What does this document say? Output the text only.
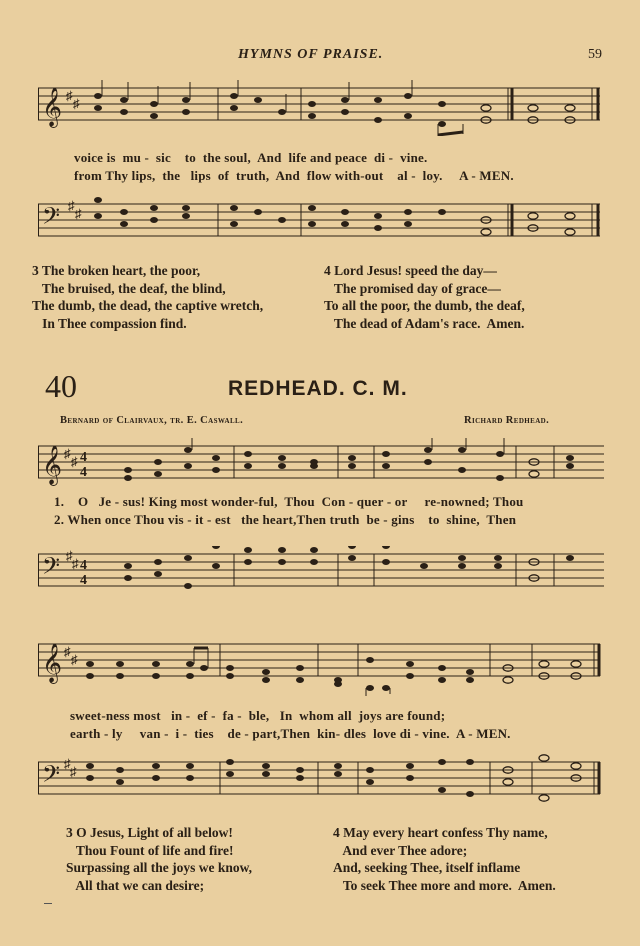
HYMNS OF PRAISE.	59
𝄞 ♯
♯
voice is  mu -  sic    to  the soul,  And  life and peace  di -  vine.
from Thy lips,  the   lips  of  truth,  And  flow with-out    al -  loy.     A - MEN.
𝄢 ♯
♯
3 The broken heart, the poor,
The bruised, the deaf, the blind,
The dumb, the dead, the captive wretch,
In Thee compassion find.
4 Lord Jesus! speed the day—
The promised day of grace—
To all the poor, the dumb, the deaf,
The dead of Adam's race.  Amen.
40	REDHEAD. C. M.
Bernard of Clairvaux, tr. E. Caswall.	Richard Redhead.
𝄞 ♯
♯ 4
4
1.    O   Je - sus! King most wonder-ful,  Thou  Con - quer - or     re-nowned; Thou
2. When once Thou vis - it - est   the heart,Then truth  be - gins    to  shine,  Then
𝄢 ♯
♯ 4
4
𝄞 ♯
♯
sweet-ness most   in -  ef -  fa -  ble,   In  whom all  joys are found;
earth - ly     van -  i -  ties    de - part,Then  kin- dles  love di - vine.  A - MEN.
𝄢 ♯
♯
3 O Jesus, Light of all below!
Thou Fount of life and fire!
Surpassing all the joys we know,
All that we can desire;
4 May every heart confess Thy name,
And ever Thee adore;
And, seeking Thee, itself inflame
To seek Thee more and more.  Amen.
